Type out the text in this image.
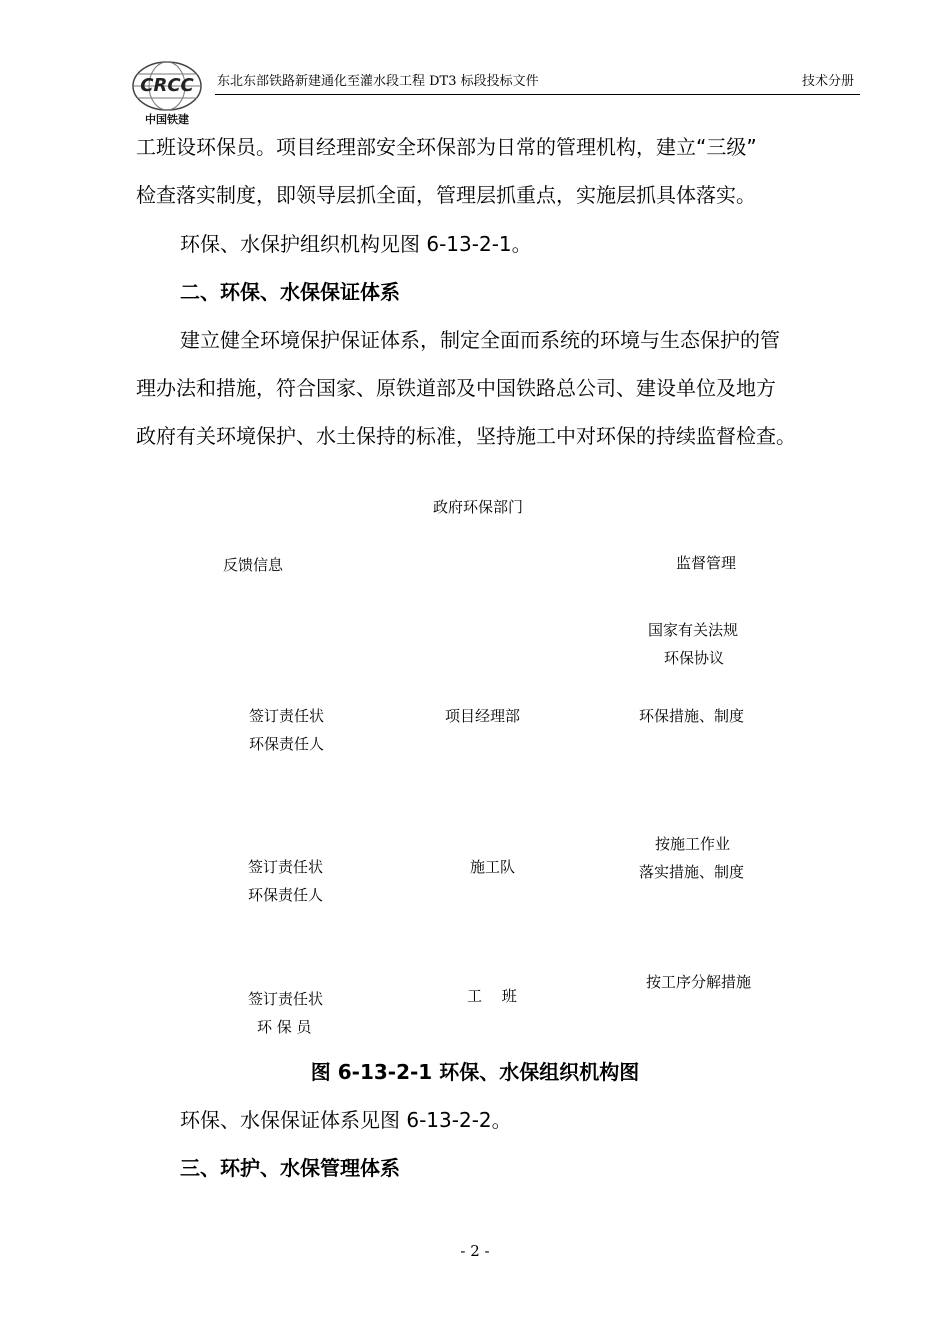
CRCC
中国铁建
东北东部铁路新建通化至灌水段工程 DT3 标段投标文件	技术分册
工班设环保员。项目经理部安全环保部为日常的管理机构，建立“三级”
检查落实制度，即领导层抓全面，管理层抓重点，实施层抓具体落实。
环保、水保护组织机构见图 6-13-2-1。
二、环保、水保保证体系
建立健全环境保护保证体系，制定全面而系统的环境与生态保护的管
理办法和措施，符合国家、原铁道部及中国铁路总公司、建设单位及地方
政府有关环境保护、水土保持的标准，坚持施工中对环保的持续监督检查。
政府环保部门
反馈信息	监督管理
国家有关法规
环保协议
签订责任状
环保责任人
项目经理部	环保措施、制度
按施工作业
落实措施、制度
签订责任状
环保责任人
施工队
按工序分解措施
签订责任状
环 保 员
工　 班
图 6-13-2-1 环保、水保组织机构图
环保、水保保证体系见图 6-13-2-2。
三、环护、水保管理体系
- 2 -
